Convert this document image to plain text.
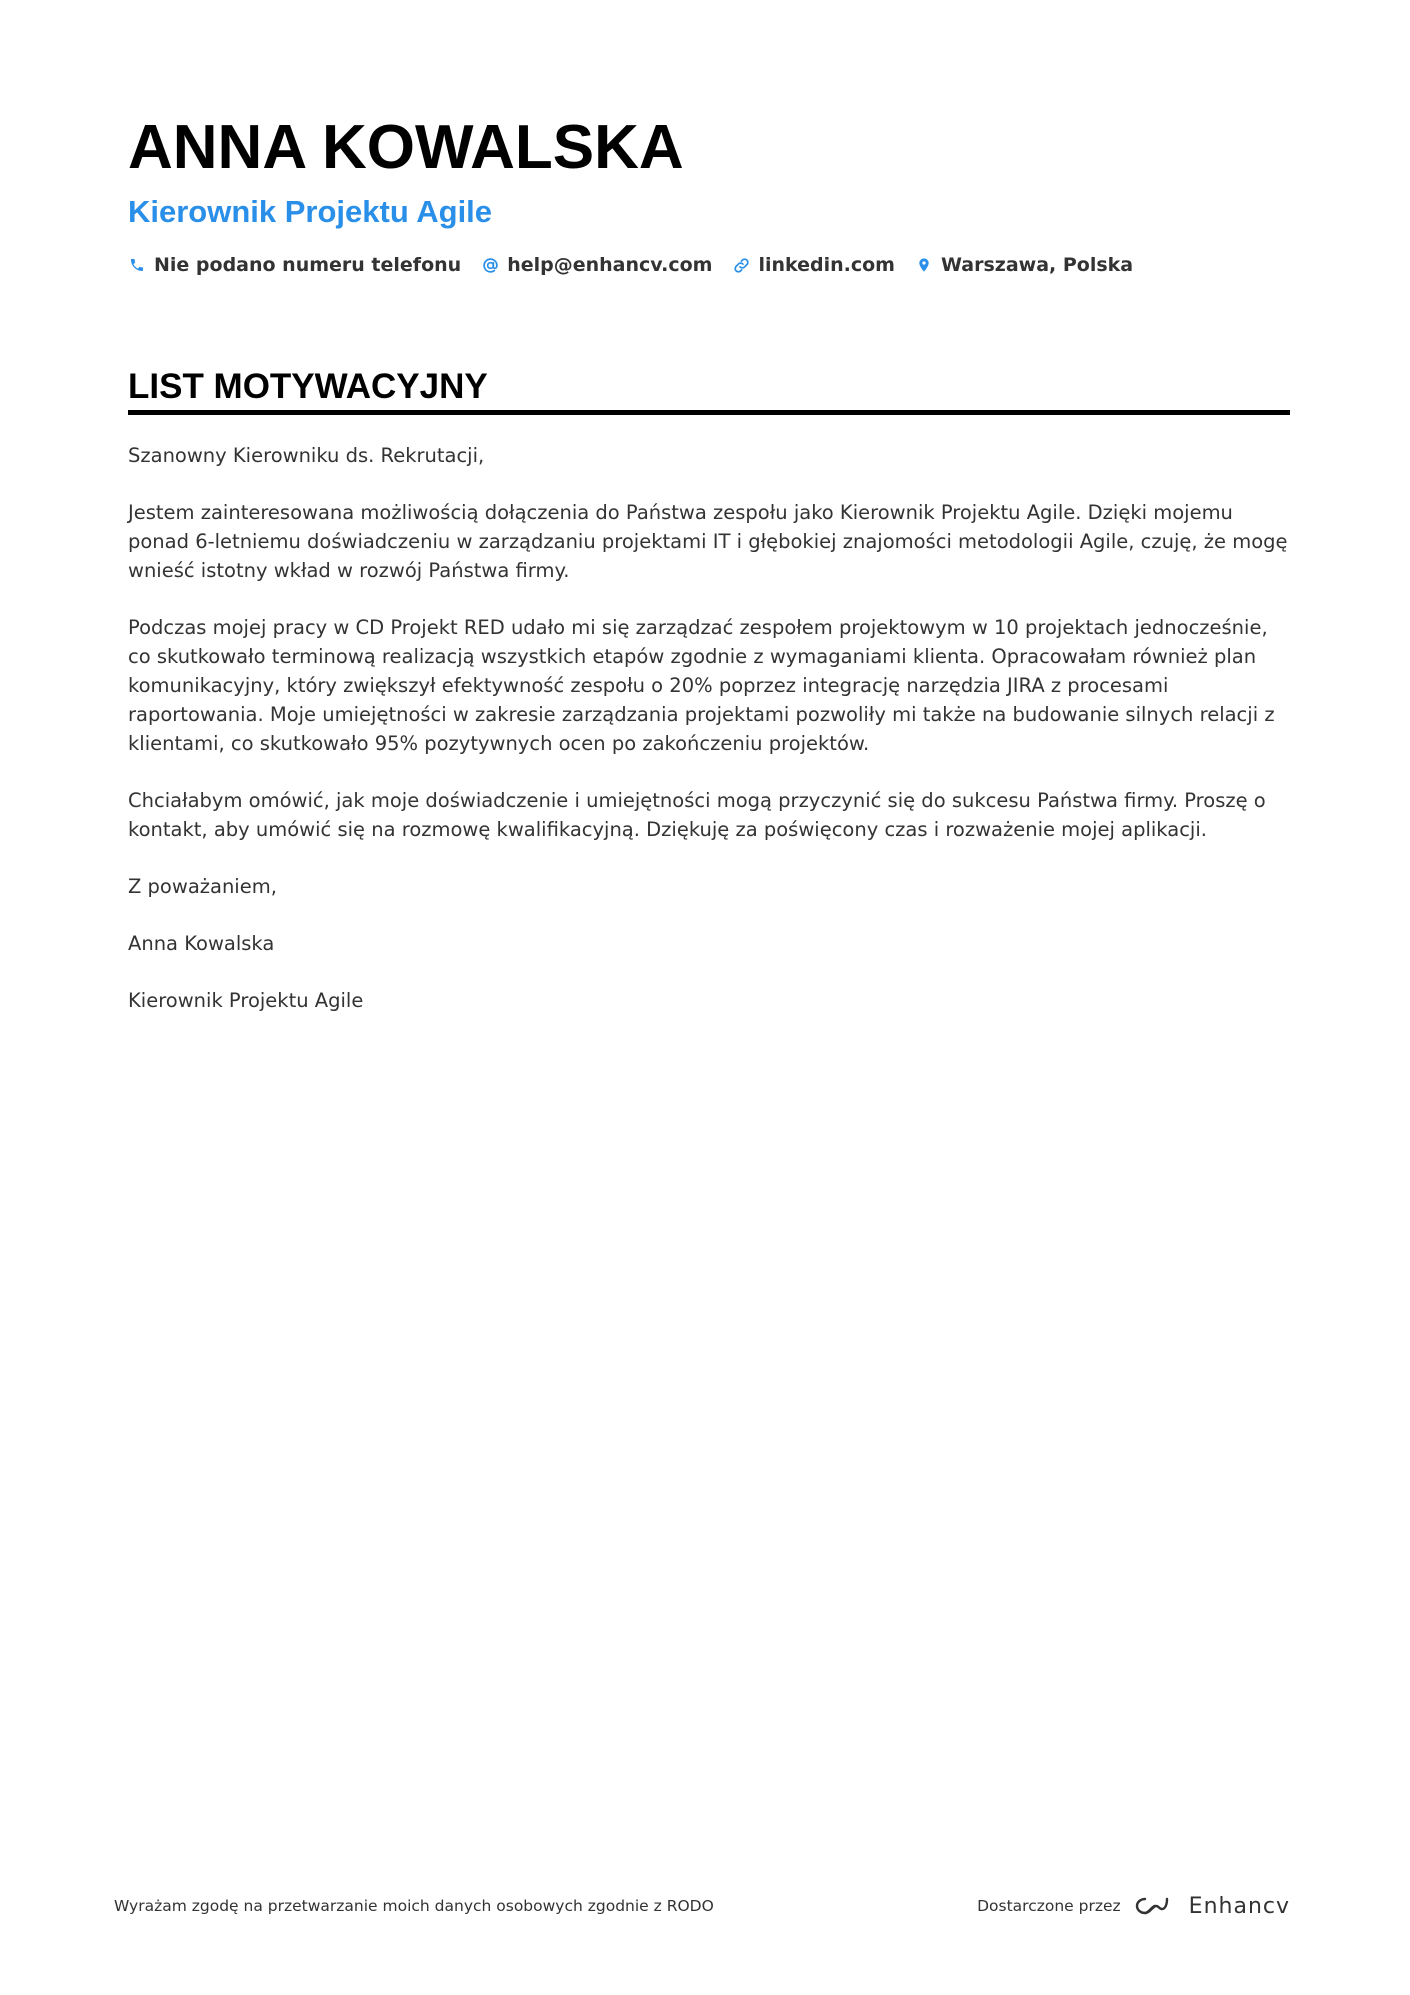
ANNA KOWALSKA
Kierownik Projektu Agile
Nie podano numeru telefonu help@enhancv.com linkedin.com Warszawa, Polska
LIST MOTYWACYJNY

Szanowny Kierowniku ds. Rekrutacji,

Jestem zainteresowana możliwością dołączenia do Państwa zespołu jako Kierownik Projektu Agile. Dzięki mojemu ponad 6-letniemu doświadczeniu w zarządzaniu projektami IT i głębokiej znajomości metodologii Agile, czuję, że mogę wnieść istotny wkład w rozwój Państwa firmy.

Podczas mojej pracy w CD Projekt RED udało mi się zarządzać zespołem projektowym w 10 projektach jednocześnie, co skutkowało terminową realizacją wszystkich etapów zgodnie z wymaganiami klienta. Opracowałam również plan komunikacyjny, który zwiększył efektywność zespołu o 20% poprzez integrację narzędzia JIRA z procesami raportowania. Moje umiejętności w zakresie zarządzania projektami pozwoliły mi także na budowanie silnych relacji z klientami, co skutkowało 95% pozytywnych ocen po zakończeniu projektów.

Chciałabym omówić, jak moje doświadczenie i umiejętności mogą przyczynić się do sukcesu Państwa firmy. Proszę o kontakt, aby umówić się na rozmowę kwalifikacyjną. Dziękuję za poświęcony czas i rozważenie mojej aplikacji.

Z poważaniem,

Anna Kowalska

Kierownik Projektu Agile

Wyrażam zgodę na przetwarzanie moich danych osobowych zgodnie z RODO	Dostarczone przez	Enhancv
